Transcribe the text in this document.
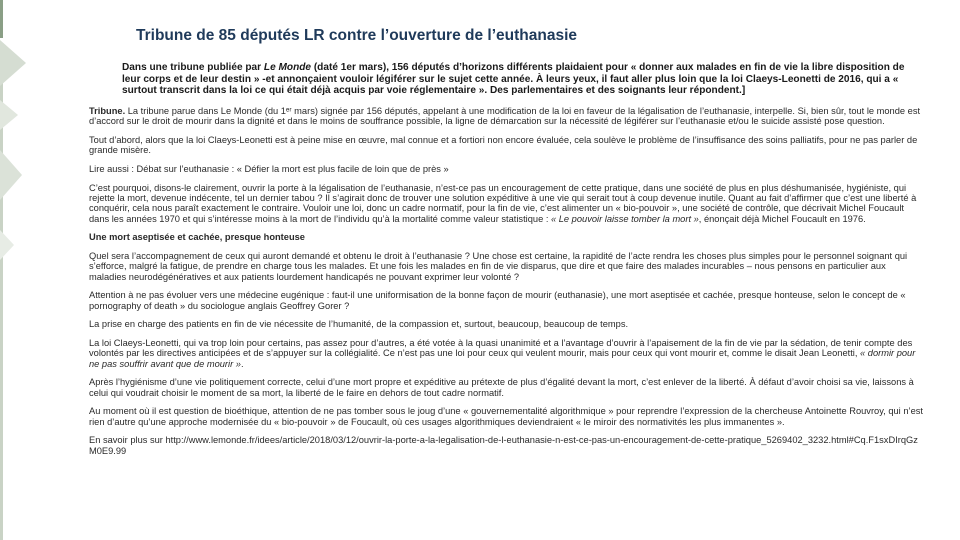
Tribune de 85 députés LR contre l’ouverture de l’euthanasie
Dans une tribune publiée par Le Monde (daté 1er mars), 156 députés d’horizons différents plaidaient pour « donner aux malades en fin de vie la libre disposition de leur corps et de leur destin » -et annonçaient vouloir légiférer sur le sujet cette année. À leurs yeux, il faut aller plus loin que la loi Claeys-Leonetti de 2016, qui a « surtout transcrit dans la loi ce qui était déjà acquis par voie réglementaire ». Des parlementaires et des soignants leur répondent.]

Tribune. La tribune parue dans Le Monde (du 1ᵉʳ mars) signée par 156 députés, appelant à une modification de la loi en faveur de la légalisation de l’euthanasie, interpelle. Si, bien sûr, tout le monde est d’accord sur le droit de mourir dans la dignité et dans le moins de souffrance possible, la ligne de démarcation sur la nécessité de légiférer sur l’euthanasie et/ou le suicide assisté pose question.

Tout d’abord, alors que la loi Claeys-Leonetti est à peine mise en œuvre, mal connue et a fortiori non encore évaluée, cela soulève le problème de l’insuffisance des soins palliatifs, pour ne pas parler de grande misère.

Lire aussi : Débat sur l’euthanasie : « Défier la mort est plus facile de loin que de près »

C’est pourquoi, disons-le clairement, ouvrir la porte à la légalisation de l’euthanasie, n’est-ce pas un encouragement de cette pratique, dans une société de plus en plus déshumanisée, hygiéniste, qui rejette la mort, devenue indécente, tel un dernier tabou ? Il s’agirait donc de trouver une solution expéditive à une vie qui serait tout à coup devenue inutile. Quant au fait d’affirmer que c’est une liberté à conquérir, cela nous paraît exactement le contraire. Vouloir une loi, donc un cadre normatif, pour la fin de vie, c’est alimenter un « bio-pouvoir », une société de contrôle, que décrivait Michel Foucault dans les années 1970 et qui s’intéresse moins à la mort de l’individu qu’à la mortalité comme valeur statistique : « Le pouvoir laisse tomber la mort », énonçait déjà Michel Foucault en 1976.

Une mort aseptisée et cachée, presque honteuse

Quel sera l’accompagnement de ceux qui auront demandé et obtenu le droit à l’euthanasie ? Une chose est certaine, la rapidité de l’acte rendra les choses plus simples pour le personnel soignant qui s’efforce, malgré la fatigue, de prendre en charge tous les malades. Et une fois les malades en fin de vie disparus, que dire et que faire des malades incurables – nous pensons en particulier aux maladies neurodégénératives et aux patients lourdement handicapés ne pouvant exprimer leur volonté ?

Attention à ne pas évoluer vers une médecine eugénique : faut-il une uniformisation de la bonne façon de mourir (euthanasie), une mort aseptisée et cachée, presque honteuse, selon le concept de « pornography of death » du sociologue anglais Geoffrey Gorer ?

La prise en charge des patients en fin de vie nécessite de l’humanité, de la compassion et, surtout, beaucoup, beaucoup de temps.

La loi Claeys-Leonetti, qui va trop loin pour certains, pas assez pour d’autres, a été votée à la quasi unanimité et a l’avantage d’ouvrir à l’apaisement de la fin de vie par la sédation, de tenir compte des volontés par les directives anticipées et de s’appuyer sur la collégialité. Ce n’est pas une loi pour ceux qui veulent mourir, mais pour ceux qui vont mourir et, comme le disait Jean Leonetti, « dormir pour ne pas souffrir avant que de mourir ».

Après l’hygiénisme d’une vie politiquement correcte, celui d’une mort propre et expéditive au prétexte de plus d’égalité devant la mort, c’est enlever de la liberté. À défaut d’avoir choisi sa vie, laissons à celui qui voudrait choisir le moment de sa mort, la liberté de le faire en dehors de tout cadre normatif.

Au moment où il est question de bioéthique, attention de ne pas tomber sous le joug d’une « gouvernementalité algorithmique » pour reprendre l’expression de la chercheuse Antoinette Rouvroy, qui n’est rien d’autre qu’une approche modernisée du « bio-pouvoir » de Foucault, où ces usages algorithmiques deviendraient « le miroir des normativités les plus immanentes ».

En savoir plus sur http://www.lemonde.fr/idees/article/2018/03/12/ouvrir-la-porte-a-la-legalisation-de-l-euthanasie-n-est-ce-pas-un-encouragement-de-cette-pratique_5269402_3232.html#Cq.F1sxDIrqGzM0E9.99
